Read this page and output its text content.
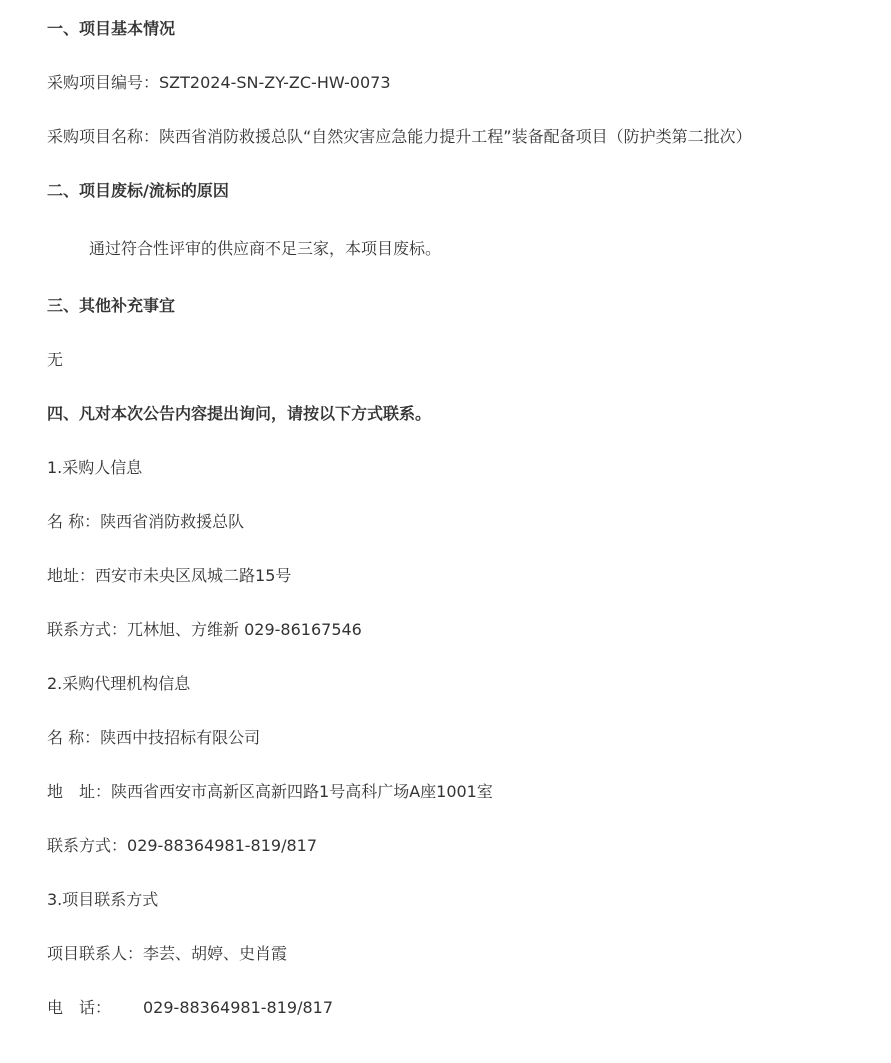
一、项目基本情况
采购项目编号：SZT2024-SN-ZY-ZC-HW-0073
采购项目名称：陕西省消防救援总队“自然灾害应急能力提升工程”装备配备项目（防护类第二批次）
二、项目废标/流标的原因
通过符合性评审的供应商不足三家，本项目废标。
三、其他补充事宜
无
四、凡对本次公告内容提出询问，请按以下方式联系。
1.采购人信息
名 称：陕西省消防救援总队
地址：西安市未央区凤城二路15号
联系方式：兀林旭、方维新 029-86167546
2.采购代理机构信息
名 称：陕西中技招标有限公司
地　址：陕西省西安市高新区高新四路1号高科广场A座1001室
联系方式：029-88364981-819/817
3.项目联系方式
项目联系人：李芸、胡婷、史肖霞
电　话： 029-88364981-819/817
